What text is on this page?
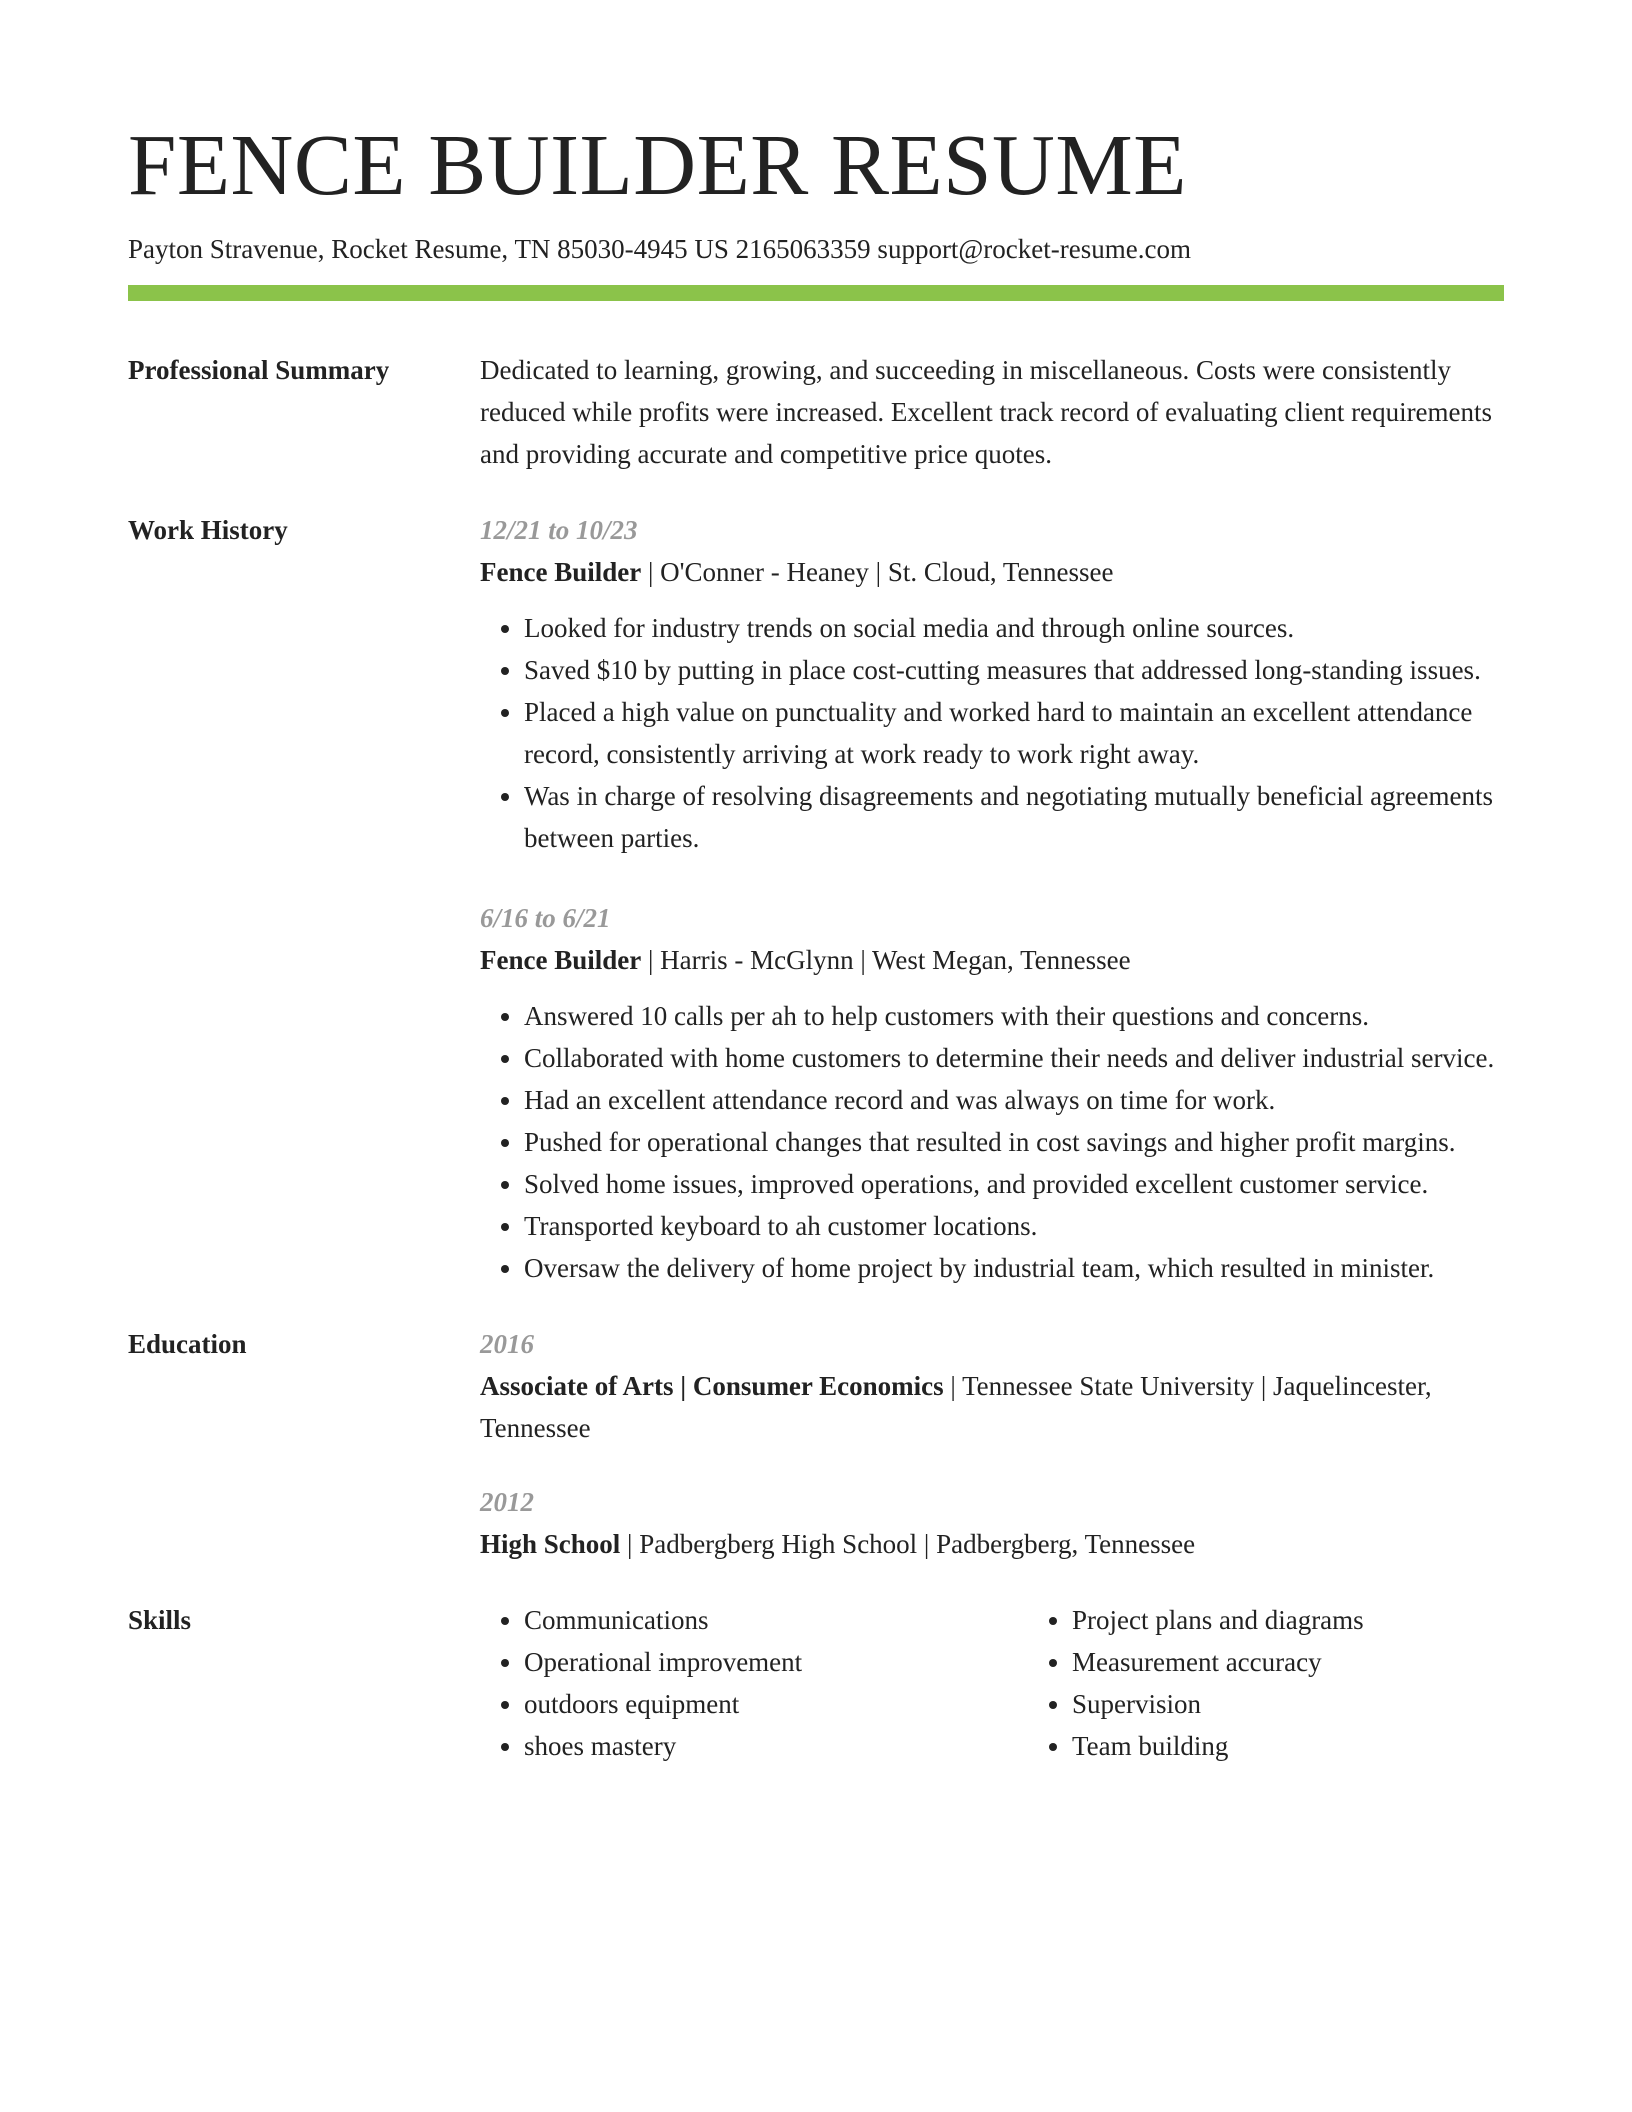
FENCE BUILDER RESUME
Payton Stravenue, Rocket Resume, TN 85030-4945 US 2165063359 support@rocket-resume.com
Professional Summary	Dedicated to learning, growing, and succeeding in miscellaneous. Costs were consistently reduced while profits were increased. Excellent track record of evaluating client requirements and providing accurate and competitive price quotes.
Work History	12/21 to 10/23
Fence Builder | O'Conner - Heaney | St. Cloud, Tennessee
• Looked for industry trends on social media and through online sources.
• Saved $10 by putting in place cost-cutting measures that addressed long-standing issues.
• Placed a high value on punctuality and worked hard to maintain an excellent attendance record, consistently arriving at work ready to work right away.
• Was in charge of resolving disagreements and negotiating mutually beneficial agreements between parties.
6/16 to 6/21
Fence Builder | Harris - McGlynn | West Megan, Tennessee
• Answered 10 calls per ah to help customers with their questions and concerns.
• Collaborated with home customers to determine their needs and deliver industrial service.
• Had an excellent attendance record and was always on time for work.
• Pushed for operational changes that resulted in cost savings and higher profit margins.
• Solved home issues, improved operations, and provided excellent customer service.
• Transported keyboard to ah customer locations.
• Oversaw the delivery of home project by industrial team, which resulted in minister.
Education	2016
Associate of Arts | Consumer Economics | Tennessee State University | Jaquelincester, Tennessee
2012
High School | Padbergberg High School | Padbergberg, Tennessee
Skills
•	Communications
• Operational improvement
• outdoors equipment
• shoes mastery
• Project plans and diagrams
• Measurement accuracy
• Supervision
• Team building
